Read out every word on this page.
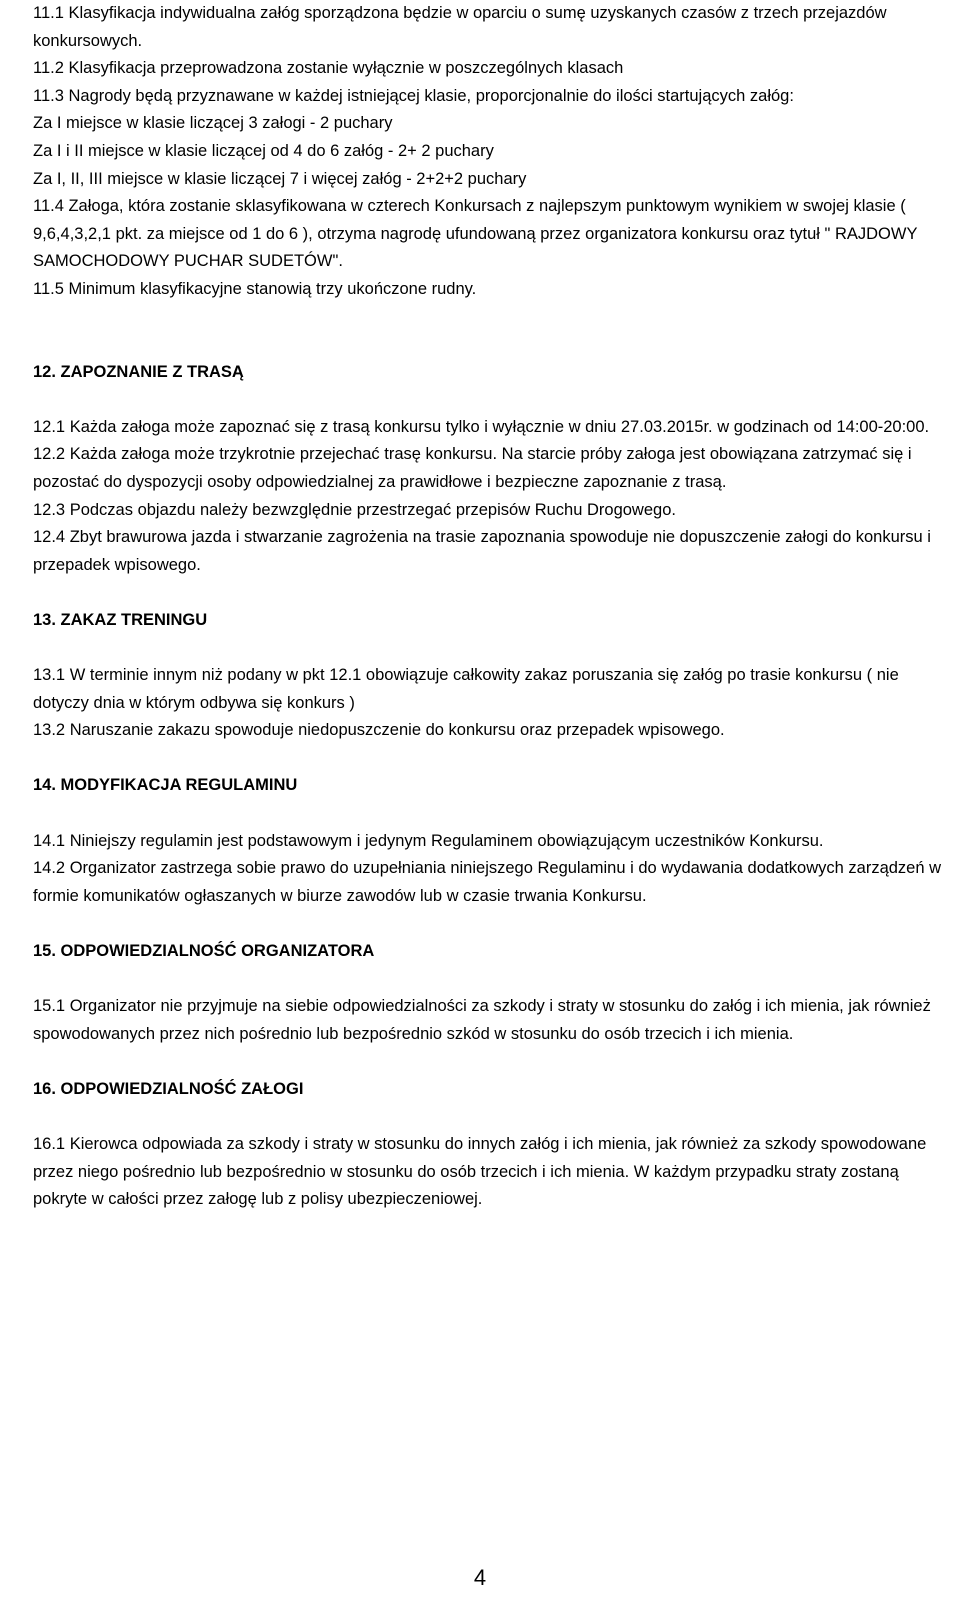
11.1 Klasyfikacja indywidualna załóg sporządzona będzie w oparciu o sumę uzyskanych czasów z trzech przejazdów konkursowych.

11.2 Klasyfikacja przeprowadzona zostanie wyłącznie w poszczególnych klasach

11.3 Nagrody będą przyznawane w każdej istniejącej klasie, proporcjonalnie do ilości startujących załóg:

Za I miejsce w klasie liczącej 3 załogi - 2 puchary

Za I i II miejsce w klasie liczącej od 4 do 6 załóg - 2+ 2 puchary

Za I, II, III miejsce w klasie liczącej 7 i więcej załóg - 2+2+2 puchary

11.4 Załoga, która zostanie sklasyfikowana w czterech Konkursach z najlepszym punktowym wynikiem w swojej klasie ( 9,6,4,3,2,1 pkt. za miejsce od 1 do 6 ), otrzyma nagrodę ufundowaną przez organizatora konkursu oraz tytuł " RAJDOWY SAMOCHODOWY PUCHAR SUDETÓW".

11.5 Minimum klasyfikacyjne stanowią trzy ukończone rudny.

12. ZAPOZNANIE Z TRASĄ

12.1 Każda załoga może zapoznać się z trasą konkursu tylko i wyłącznie w dniu 27.03.2015r. w godzinach od 14:00-20:00.

12.2 Każda załoga może trzykrotnie przejechać trasę konkursu. Na starcie próby załoga jest obowiązana zatrzymać się i pozostać do dyspozycji osoby odpowiedzialnej za prawidłowe i bezpieczne zapoznanie z trasą.

12.3 Podczas objazdu należy bezwzględnie przestrzegać przepisów Ruchu Drogowego.

12.4 Zbyt brawurowa jazda i stwarzanie zagrożenia na trasie zapoznania spowoduje nie dopuszczenie załogi do konkursu i przepadek wpisowego.

13. ZAKAZ TRENINGU

13.1 W terminie innym niż podany w pkt 12.1 obowiązuje całkowity zakaz poruszania się załóg po trasie konkursu ( nie dotyczy dnia w którym odbywa się konkurs )

13.2 Naruszanie zakazu spowoduje niedopuszczenie do konkursu oraz przepadek wpisowego.

14. MODYFIKACJA REGULAMINU

14.1 Niniejszy regulamin jest podstawowym i jedynym Regulaminem obowiązującym uczestników Konkursu.

14.2 Organizator zastrzega sobie prawo do uzupełniania niniejszego Regulaminu i do wydawania dodatkowych zarządzeń w formie komunikatów ogłaszanych w biurze zawodów lub w czasie trwania Konkursu.

15. ODPOWIEDZIALNOŚĆ ORGANIZATORA

15.1 Organizator nie przyjmuje na siebie odpowiedzialności za szkody i straty w stosunku do załóg i ich mienia, jak również spowodowanych przez nich pośrednio lub bezpośrednio szkód w stosunku do osób trzecich i ich mienia.

16. ODPOWIEDZIALNOŚĆ ZAŁOGI

16.1 Kierowca odpowiada za szkody i straty w stosunku do innych załóg i ich mienia, jak również za szkody spowodowane przez niego pośrednio lub bezpośrednio w stosunku do osób trzecich i ich mienia. W każdym przypadku straty zostaną pokryte w całości przez załogę lub z polisy ubezpieczeniowej.

4
